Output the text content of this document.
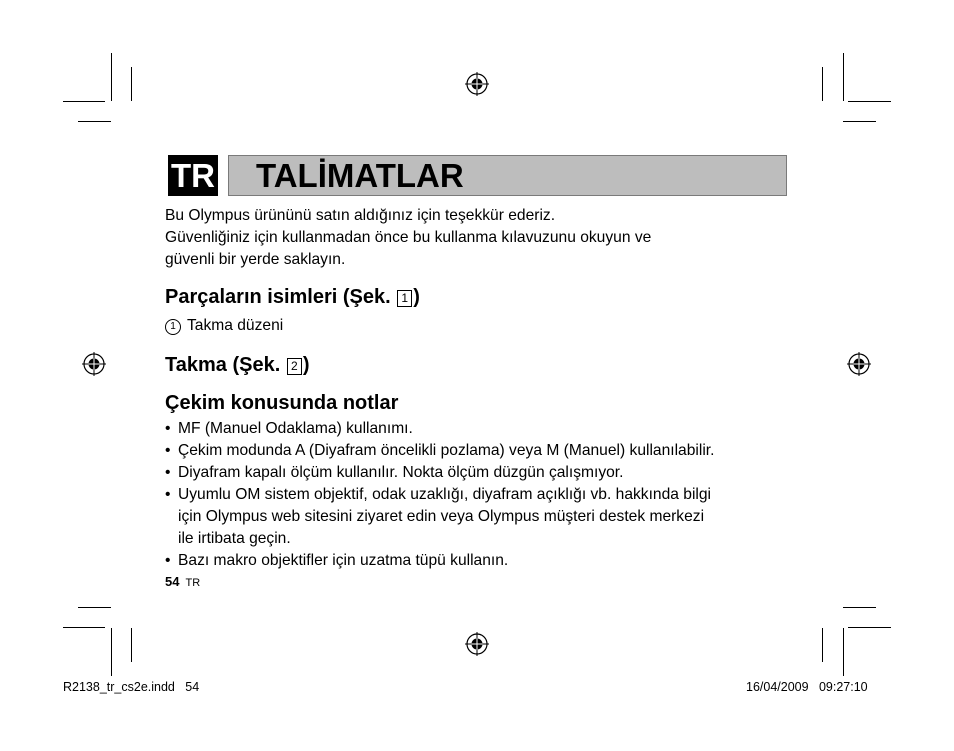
TR TALİMATLAR
Bu Olympus ürününü satın aldığınız için teşekkür ederiz.
Güvenliğiniz için kullanmadan önce bu kullanma kılavuzunu okuyun ve
güvenli bir yerde saklayın.
Parçaların isimleri (Şek. 1 )
1 Takma düzeni
Takma (Şek. 2 )
Çekim konusunda notlar
• MF (Manuel Odaklama) kullanımı.
• Çekim modunda A (Diyafram öncelikli pozlama) veya M (Manuel) kullanılabilir.
• Diyafram kapalı ölçüm kullanılır. Nokta ölçüm düzgün çalışmıyor.
• Uyumlu OM sistem objektif, odak uzaklığı, diyafram açıklığı vb. hakkında bilgi
için Olympus web sitesini ziyaret edin veya Olympus müşteri destek merkezi
ile irtibata geçin.
• Bazı makro objektifler için uzatma tüpü kullanın.
54 TR
R2138_tr_cs2e.indd   54	16/04/2009   09:27:10
